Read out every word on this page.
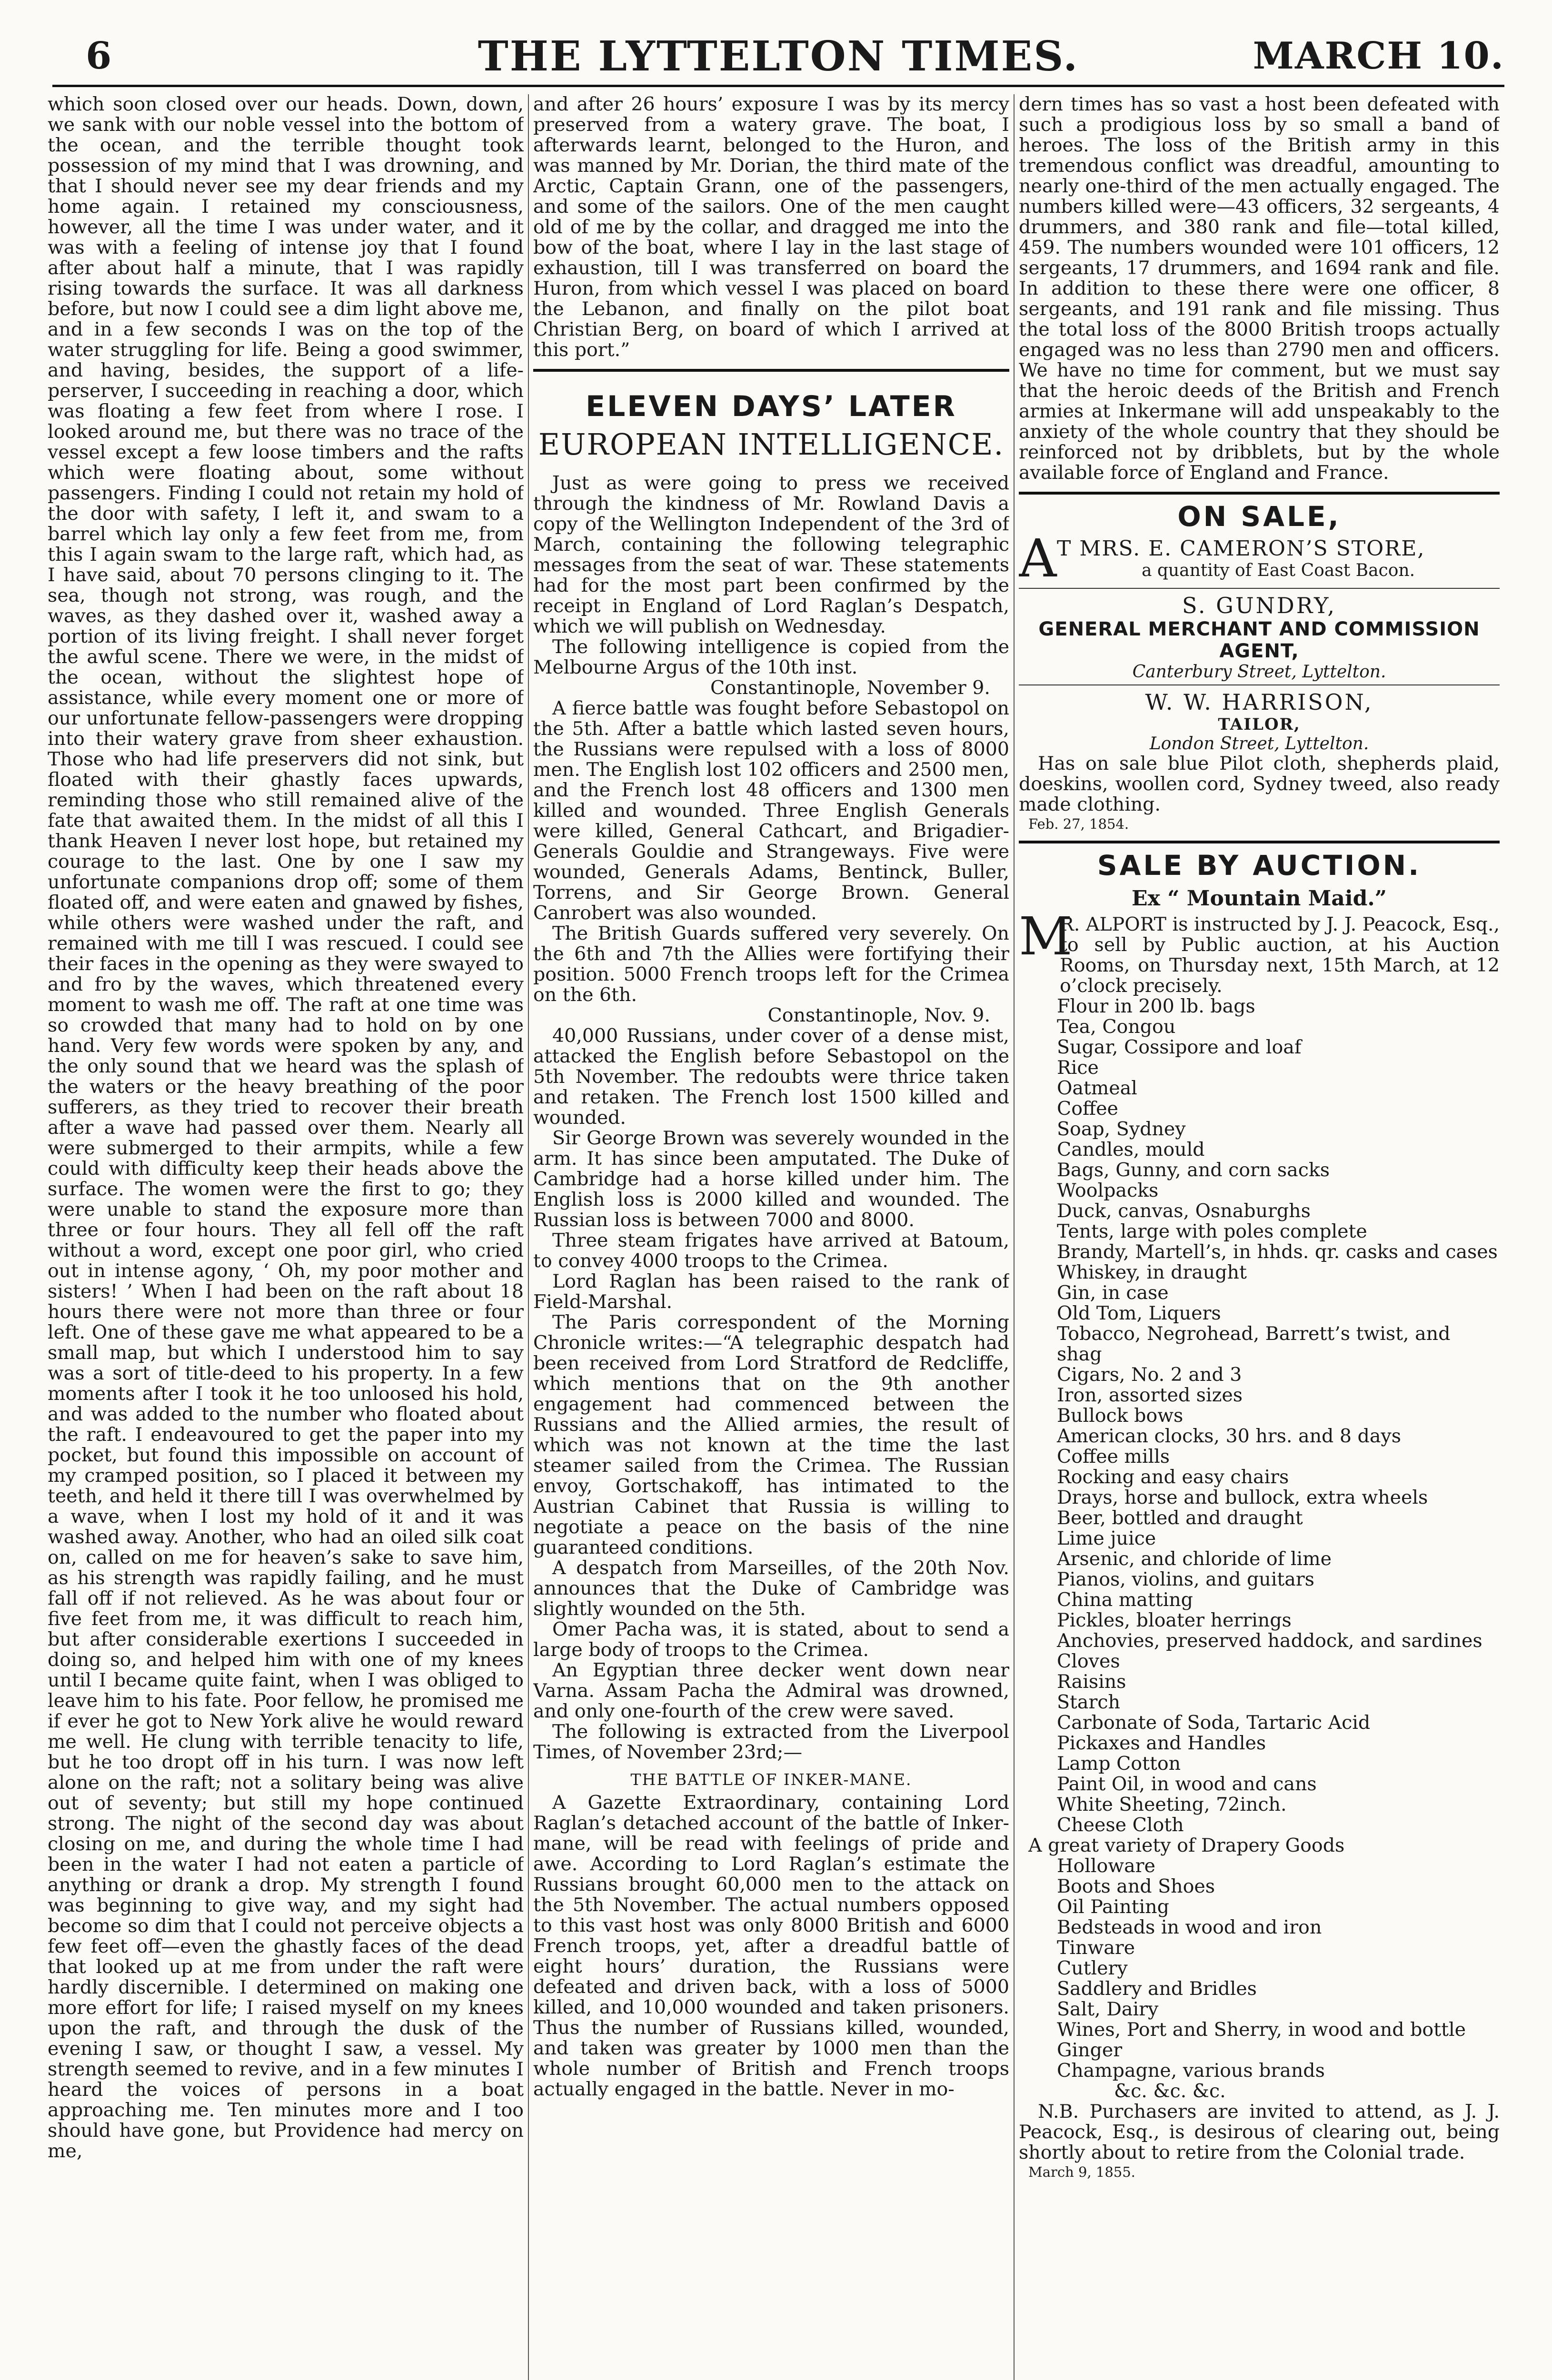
6	THE LYTTELTON TIMES.	MARCH 10.

which soon closed over our heads. Down, down, we sank with our noble vessel into the bottom of the ocean, and the terrible thought took possession of my mind that I was drowning, and that I should never see my dear friends and my home again. I retained my consciousness, however, all the time I was under water, and it was with a feeling of intense joy that I found after about half a minute, that I was rapidly rising towards the surface. It was all darkness before, but now I could see a dim light above me, and in a few seconds I was on the top of the water struggling for life. Being a good swimmer, and having, besides, the support of a life-perserver, I succeeding in reaching a door, which was floating a few feet from where I rose. I looked around me, but there was no trace of the vessel except a few loose timbers and the rafts which were floating about, some without passengers. Finding I could not retain my hold of the door with safety, I left it, and swam to a barrel which lay only a few feet from me, from this I again swam to the large raft, which had, as I have said, about 70 persons clinging to it. The sea, though not strong, was rough, and the waves, as they dashed over it, washed away a portion of its living freight. I shall never forget the awful scene. There we were, in the midst of the ocean, without the slightest hope of assistance, while every moment one or more of our unfortunate fellow-passengers were dropping into their watery grave from sheer exhaustion. Those who had life preservers did not sink, but floated with their ghastly faces upwards, reminding those who still remained alive of the fate that awaited them. In the midst of all this I thank Heaven I never lost hope, but retained my courage to the last. One by one I saw my unfortunate companions drop off; some of them floated off, and were eaten and gnawed by fishes, while others were washed under the raft, and remained with me till I was rescued. I could see their faces in the opening as they were swayed to and fro by the waves, which threatened every moment to wash me off. The raft at one time was so crowded that many had to hold on by one hand. Very few words were spoken by any, and the only sound that we heard was the splash of the waters or the heavy breathing of the poor sufferers, as they tried to recover their breath after a wave had passed over them. Nearly all were submerged to their armpits, while a few could with difficulty keep their heads above the surface. The women were the first to go; they were unable to stand the exposure more than three or four hours. They all fell off the raft without a word, except one poor girl, who cried out in intense agony, ‘ Oh, my poor mother and sisters! ’ When I had been on the raft about 18 hours there were not more than three or four left. One of these gave me what appeared to be a small map, but which I understood him to say was a sort of title-deed to his property. In a few moments after I took it he too unloosed his hold, and was added to the number who floated about the raft. I endeavoured to get the paper into my pocket, but found this impossible on account of my cramped position, so I placed it between my teeth, and held it there till I was overwhelmed by a wave, when I lost my hold of it and it was washed away. Another, who had an oiled silk coat on, called on me for heaven’s sake to save him, as his strength was rapidly failing, and he must fall off if not relieved. As he was about four or five feet from me, it was difficult to reach him, but after considerable exertions I succeeded in doing so, and helped him with one of my knees until I became quite faint, when I was obliged to leave him to his fate. Poor fellow, he promised me if ever he got to New York alive he would reward me well. He clung with terrible tenacity to life, but he too dropt off in his turn. I was now left alone on the raft; not a solitary being was alive out of seventy; but still my hope continued strong. The night of the second day was about closing on me, and during the whole time I had been in the water I had not eaten a particle of anything or drank a drop. My strength I found was beginning to give way, and my sight had become so dim that I could not perceive objects a few feet off—even the ghastly faces of the dead that looked up at me from under the raft were hardly discernible. I determined on making one more effort for life; I raised myself on my knees upon the raft, and through the dusk of the evening I saw, or thought I saw, a vessel. My strength seemed to revive, and in a few minutes I heard the voices of persons in a boat approaching me. Ten minutes more and I too should have gone, but Providence had mercy on me,

and after 26 hours’ exposure I was by its mercy preserved from a watery grave. The boat, I afterwards learnt, belonged to the Huron, and was manned by Mr. Dorian, the third mate of the Arctic, Captain Grann, one of the passengers, and some of the sailors. One of the men caught old of me by the collar, and dragged me into the bow of the boat, where I lay in the last stage of exhaustion, till I was transferred on board the Huron, from which vessel I was placed on board the Lebanon, and finally on the pilot boat Christian Berg, on board of which I arrived at this port.”

ELEVEN DAYS’ LATER
EUROPEAN INTELLIGENCE.

Just as were going to press we received through the kindness of Mr. Rowland Davis a copy of the Wellington Independent of the 3rd of March, containing the following telegraphic messages from the seat of war. These statements had for the most part been confirmed by the receipt in England of Lord Raglan’s Despatch, which we will publish on Wednesday.

The following intelligence is copied from the Melbourne Argus of the 10th inst.

Constantinople, November 9.

A fierce battle was fought before Sebastopol on the 5th. After a battle which lasted seven hours, the Russians were repulsed with a loss of 8000 men. The English lost 102 officers and 2500 men, and the French lost 48 officers and 1300 men killed and wounded. Three English Generals were killed, General Cathcart, and Brigadier-Generals Gouldie and Strangeways. Five were wounded, Generals Adams, Bentinck, Buller, Torrens, and Sir George Brown. General Canrobert was also wounded.

The British Guards suffered very severely. On the 6th and 7th the Allies were fortifying their position. 5000 French troops left for the Crimea on the 6th.

Constantinople, Nov. 9.

40,000 Russians, under cover of a dense mist, attacked the English before Sebastopol on the 5th November. The redoubts were thrice taken and retaken. The French lost 1500 killed and wounded.

Sir George Brown was severely wounded in the arm. It has since been amputated. The Duke of Cambridge had a horse killed under him. The English loss is 2000 killed and wounded. The Russian loss is between 7000 and 8000.

Three steam frigates have arrived at Batoum, to convey 4000 troops to the Crimea.

Lord Raglan has been raised to the rank of Field-Marshal.

The Paris correspondent of the Morning Chronicle writes:—“A telegraphic despatch had been received from Lord Stratford de Redcliffe, which mentions that on the 9th another engagement had commenced between the Russians and the Allied armies, the result of which was not known at the time the last steamer sailed from the Crimea. The Russian envoy, Gortschakoff, has intimated to the Austrian Cabinet that Russia is willing to negotiate a peace on the basis of the nine guaranteed conditions.

A despatch from Marseilles, of the 20th Nov. announces that the Duke of Cambridge was slightly wounded on the 5th.

Omer Pacha was, it is stated, about to send a large body of troops to the Crimea.

An Egyptian three decker went down near Varna. Assam Pacha the Admiral was drowned, and only one-fourth of the crew were saved.

The following is extracted from the Liverpool Times, of November 23rd;—

THE BATTLE OF INKER-MANE.

A Gazette Extraordinary, containing Lord Raglan’s detached account of the battle of Inker-mane, will be read with feelings of pride and awe. According to Lord Raglan’s estimate the Russians brought 60,000 men to the attack on the 5th November. The actual numbers opposed to this vast host was only 8000 British and 6000 French troops, yet, after a dreadful battle of eight hours’ duration, the Russians were defeated and driven back, with a loss of 5000 killed, and 10,000 wounded and taken prisoners. Thus the number of Russians killed, wounded, and taken was greater by 1000 men than the whole number of British and French troops actually engaged in the battle. Never in mo-

dern times has so vast a host been defeated with such a prodigious loss by so small a band of heroes. The loss of the British army in this tremendous conflict was dreadful, amounting to nearly one-third of the men actually engaged. The numbers killed were—43 officers, 32 sergeants, 4 drummers, and 380 rank and file—total killed, 459. The numbers wounded were 101 officers, 12 sergeants, 17 drummers, and 1694 rank and file. In addition to these there were one officer, 8 sergeants, and 191 rank and file missing. Thus the total loss of the 8000 British troops actually engaged was no less than 2790 men and officers. We have no time for comment, but we must say that the heroic deeds of the British and French armies at Inkermane will add unspeakably to the anxiety of the whole country that they should be reinforced not by dribblets, but by the whole available force of England and France.

ON SALE,
A T MRS. E. CAMERON’S STORE,
a quantity of East Coast Bacon.
S. GUNDRY,
GENERAL MERCHANT AND COMMISSION AGENT,
Canterbury Street, Lyttelton.
W. W. HARRISON,
TAILOR,
London Street, Lyttelton.

Has on sale blue Pilot cloth, shepherds plaid, doeskins, woollen cord, Sydney tweed, also ready made clothing.

Feb. 27, 1854.
SALE BY AUCTION.
Ex “ Mountain Maid.”
M

R. ALPORT is instructed by J. J. Peacock, Esq., to sell by Public auction, at his Auction Rooms, on Thursday next, 15th March, at 12 o’clock precisely.

Flour in 200 lb. bags
Tea, Congou
Sugar, Cossipore and loaf
Rice
Oatmeal
Coffee
Soap, Sydney
Candles, mould
Bags, Gunny, and corn sacks
Woolpacks
Duck, canvas, Osnaburghs
Tents, large with poles complete
Brandy, Martell’s, in hhds. qr. casks and cases
Whiskey, in draught
Gin, in case
Old Tom, Liquers
Tobacco, Negrohead, Barrett’s twist, and shag
Cigars, No. 2 and 3
Iron, assorted sizes
Bullock bows
American clocks, 30 hrs. and 8 days
Coffee mills
Rocking and easy chairs
Drays, horse and bullock, extra wheels
Beer, bottled and draught
Lime juice
Arsenic, and chloride of lime
Pianos, violins, and guitars
China matting
Pickles, bloater herrings
Anchovies, preserved haddock, and sardines
Cloves
Raisins
Starch
Carbonate of Soda, Tartaric Acid
Pickaxes and Handles
Lamp Cotton
Paint Oil, in wood and cans
White Sheeting, 72inch.
Cheese Cloth
A great variety of Drapery Goods
Holloware
Boots and Shoes
Oil Painting
Bedsteads in wood and iron
Tinware
Cutlery
Saddlery and Bridles
Salt, Dairy
Wines, Port and Sherry, in wood and bottle
Ginger
Champagne, various brands
&c. &c. &c.

N.B. Purchasers are invited to attend, as J. J. Peacock, Esq., is desirous of clearing out, being shortly about to retire from the Colonial trade.

March 9, 1855.
